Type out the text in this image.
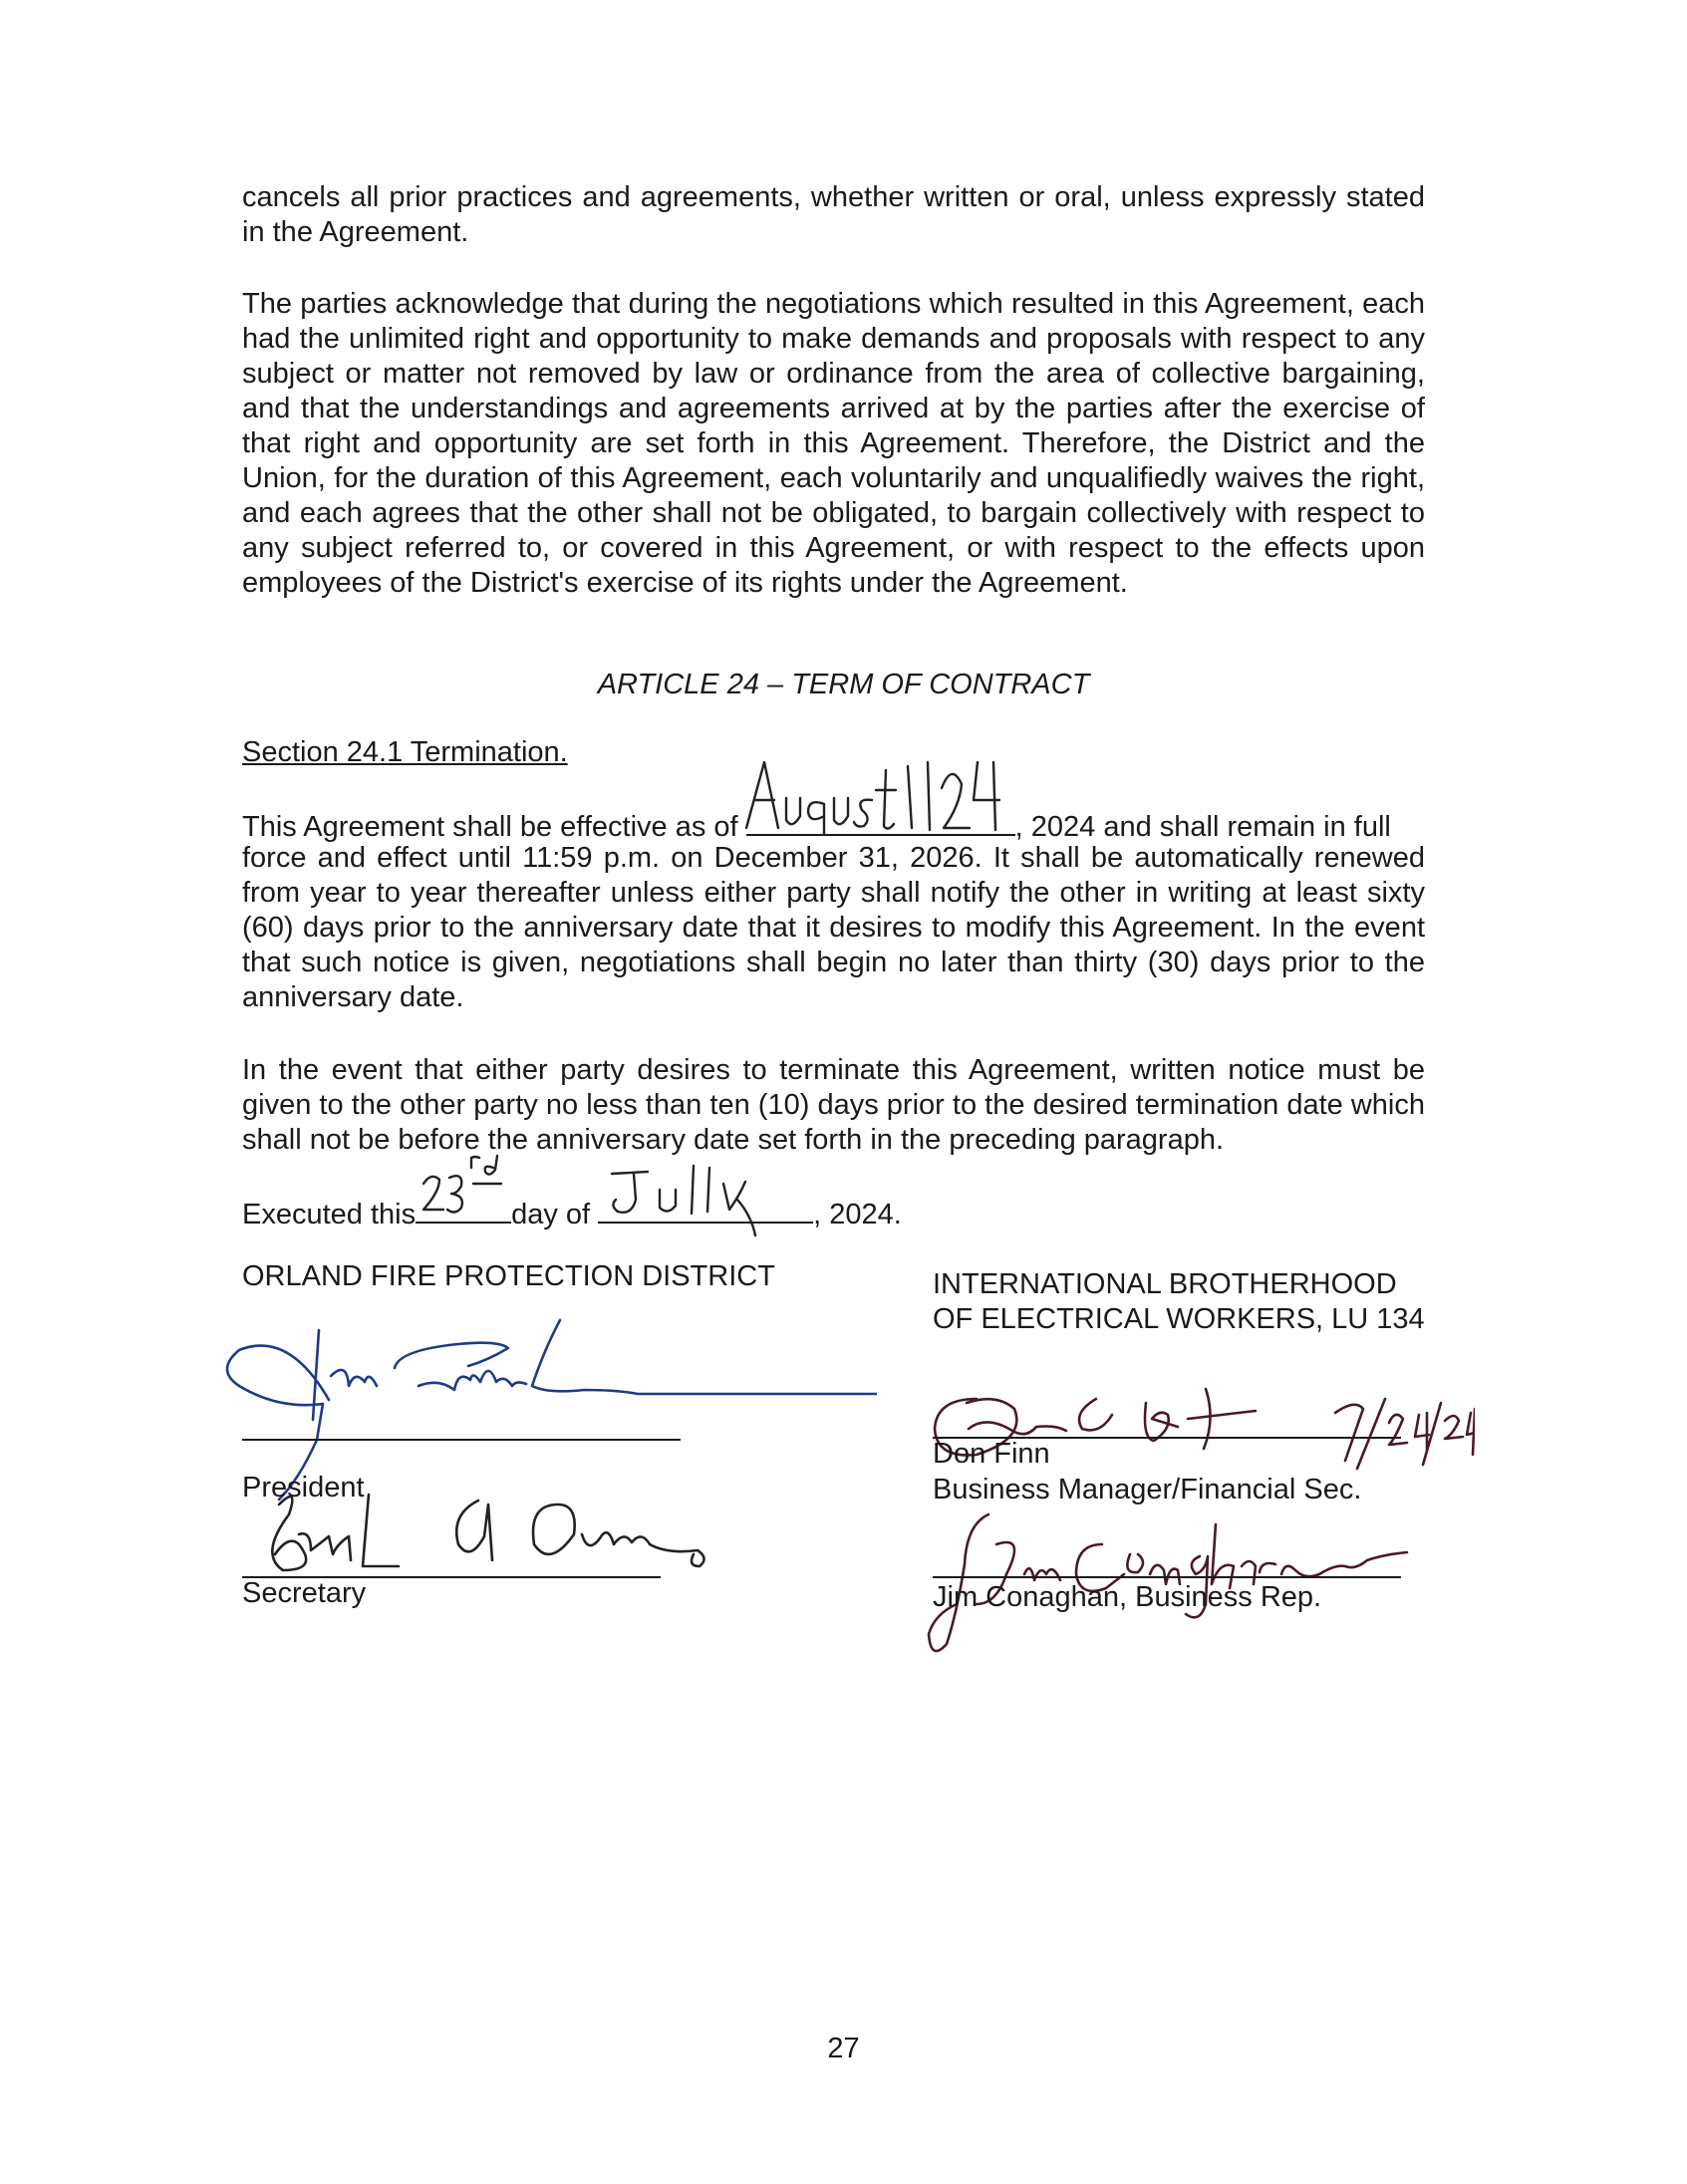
cancels all prior practices and agreements, whether written or oral, unless expressly stated in the Agreement.

The parties acknowledge that during the negotiations which resulted in this Agreement, each had the unlimited right and opportunity to make demands and proposals with respect to any subject or matter not removed by law or ordinance from the area of collective bargaining, and that the understandings and agreements arrived at by the parties after the exercise of that right and opportunity are set forth in this Agreement. Therefore, the District and the Union, for the duration of this Agreement, each voluntarily and unqualifiedly waives the right, and each agrees that the other shall not be obligated, to bargain collectively with respect to any subject referred to, or covered in this Agreement, or with respect to the effects upon employees of the District's exercise of its rights under the Agreement.

ARTICLE 24 – TERM OF CONTRACT
Section 24.1 Termination.
This Agreement shall be effective as of	, 2024 and shall remain in full

force and effect until 11:59 p.m. on December 31, 2026. It shall be automatically renewed from year to year thereafter unless either party shall notify the other in writing at least sixty (60) days prior to the anniversary date that it desires to modify this Agreement. In the event that such notice is given, negotiations shall begin no later than thirty (30) days prior to the anniversary date.

In the event that either party desires to terminate this Agreement, written notice must be given to the other party no less than ten (10) days prior to the desired termination date which shall not be before the anniversary date set forth in the preceding paragraph.

Executed this	day of	, 2024.
ORLAND FIRE PROTECTION DISTRICT
President
Secretary
INTERNATIONAL BROTHERHOOD
OF ELECTRICAL WORKERS, LU 134
Don Finn
Business Manager/Financial Sec.
Jim Conaghan, Business Rep.
27
